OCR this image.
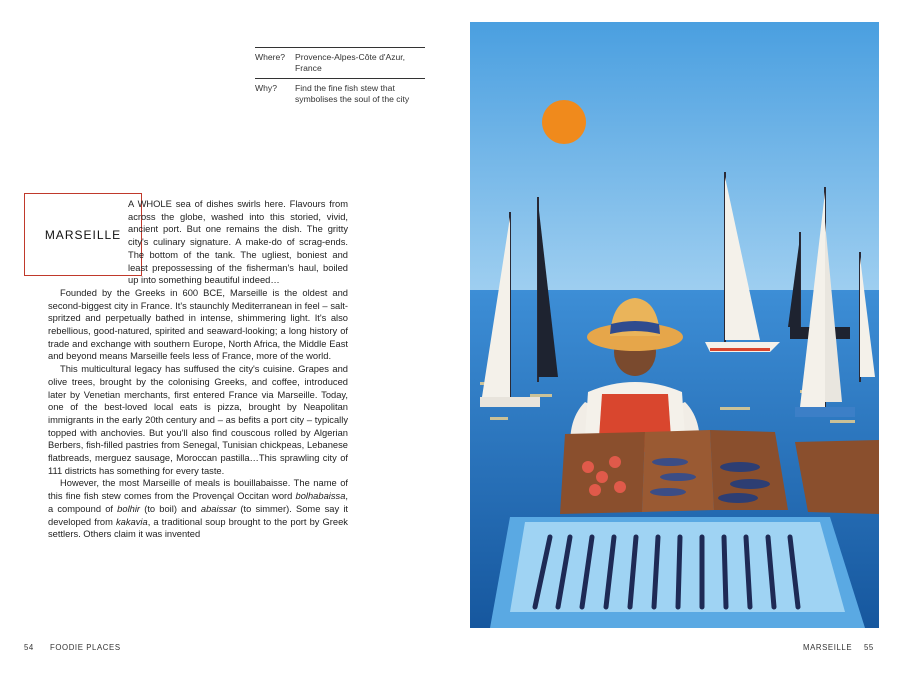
Where?	Provence-Alpes-Côte d'Azur, France
Why?	Find the fine fish stew that symbolises the soul of the city
MARSEILLE

A WHOLE sea of dishes swirls here. Flavours from across the globe, washed into this storied, vivid, ancient port. But one remains the dish. The gritty city's culinary signature. A make-do of scrag-ends. The bottom of the tank. The ugliest, boniest and least prepossessing of the fisherman's haul, boiled up into something beautiful indeed…

Founded by the Greeks in 600 BCE, Marseille is the oldest and second-biggest city in France. It's staunchly Mediterranean in feel – salt-spritzed and perpetually bathed in intense, shimmering light. It's also rebellious, good-natured, spirited and seaward-looking; a long history of trade and exchange with southern Europe, North Africa, the Middle East and beyond means Marseille feels less of France, more of the world.

This multicultural legacy has suffused the city's cuisine. Grapes and olive trees, brought by the colonising Greeks, and coffee, introduced later by Venetian merchants, first entered France via Marseille. Today, one of the best-loved local eats is pizza, brought by Neapolitan immigrants in the early 20th century and – as befits a port city – typically topped with anchovies. But you'll also find couscous rolled by Algerian Berbers, fish-filled pastries from Senegal, Tunisian chickpeas, Lebanese flatbreads, merguez sausage, Moroccan pastilla…This sprawling city of 111 districts has something for every taste.

However, the most Marseille of meals is bouillabaisse. The name of this fine fish stew comes from the Provençal Occitan word bolhabaissa, a compound of bolhir (to boil) and abaissar (to simmer). Some say it developed from kakavia, a traditional soup brought to the port by Greek settlers. Others claim it was invented

54 FOODIE PLACES	MARSEILLE 55
